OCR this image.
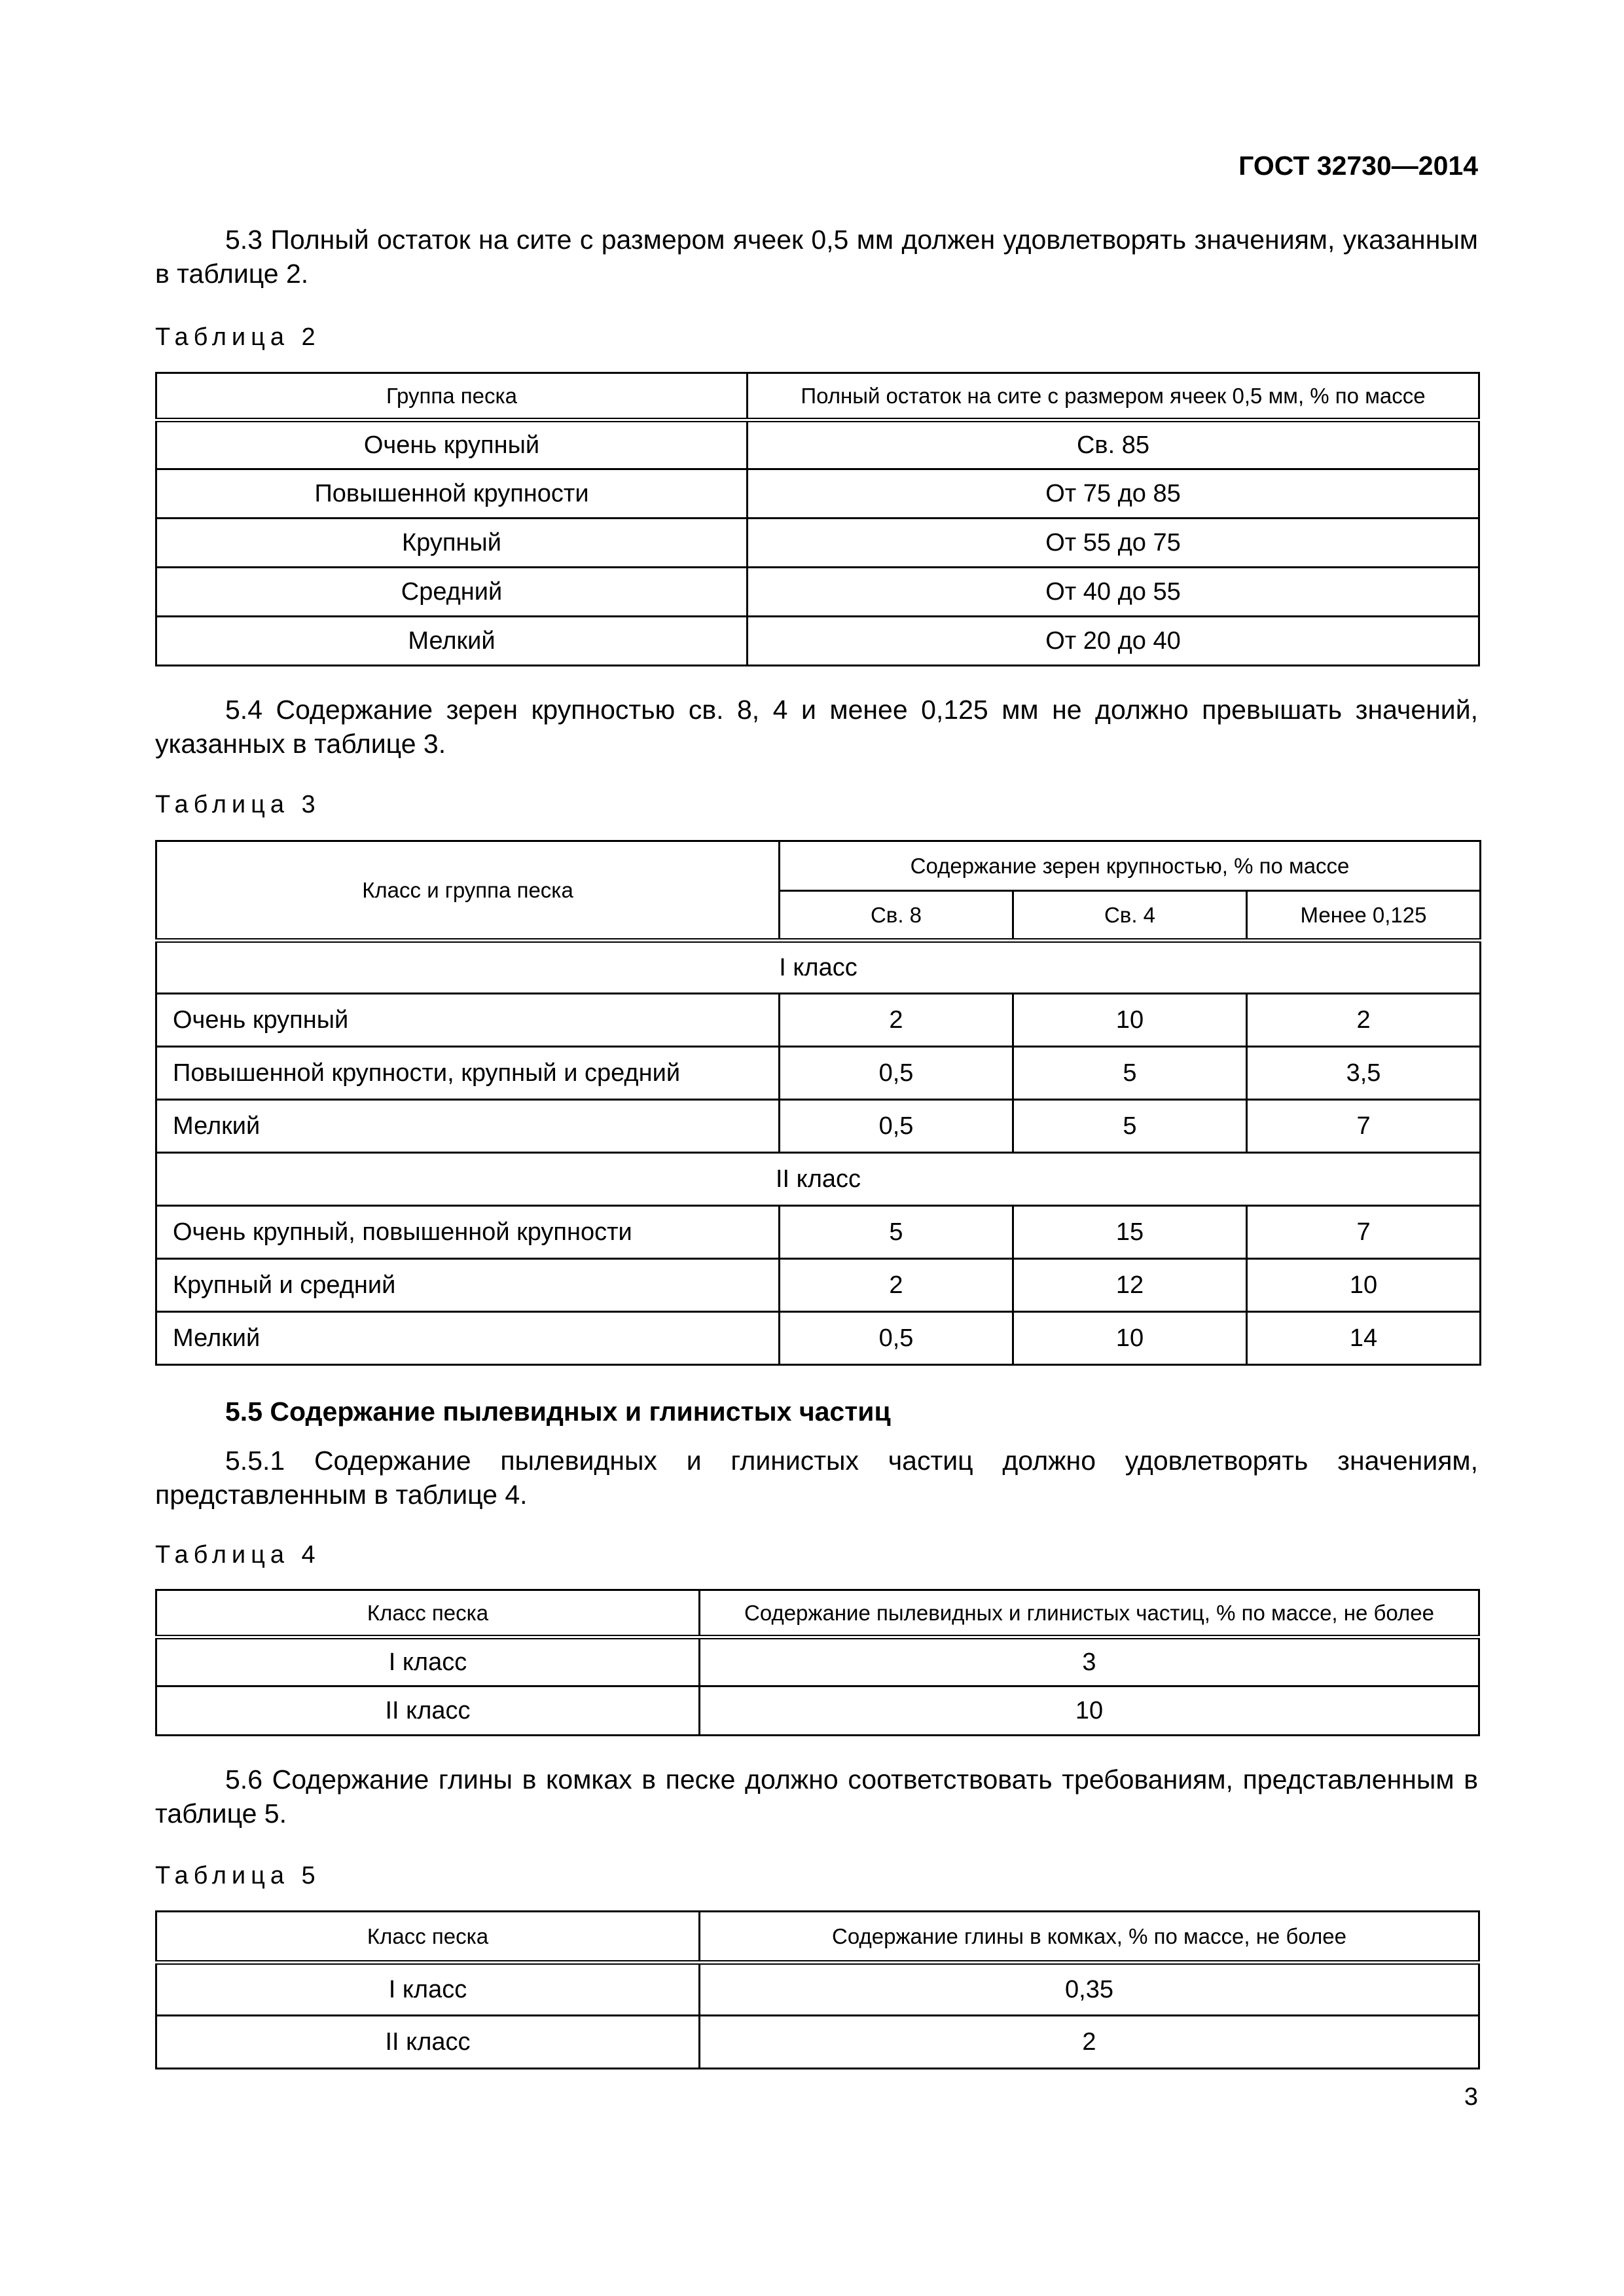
ГОСТ 32730—2014
5.3 Полный остаток на сите с размером ячеек 0,5 мм должен удовлетворять значениям, указанным в таблице 2.
Таблица 2
Группа песка	Полный остаток на сите с размером ячеек 0,5 мм, % по массе
Очень крупный	Св. 85
Повышенной крупности	От 75 до 85
Крупный	От 55 до 75
Средний	От 40 до 55
Мелкий	От 20 до 40
5.4 Содержание зерен крупностью св. 8, 4 и менее 0,125 мм не должно превышать значений, указанных в таблице 3.
Таблица 3
Класс и группа песка	Содержание зерен крупностью, % по массе		
	Св. 8	Св. 4	Менее 0,125
I класс			
Очень крупный	2	10	2
Повышенной крупности, крупный и средний	0,5	5	3,5
Мелкий	0,5	5	7
II класс			
Очень крупный, повышенной крупности	5	15	7
Крупный и средний	2	12	10
Мелкий	0,5	10	14
5.5 Содержание пылевидных и глинистых частиц
5.5.1 Содержание пылевидных и глинистых частиц должно удовлетворять значениям, представленным в таблице 4.
Таблица 4
Класс песка	Содержание пылевидных и глинистых частиц, % по массе, не более
I класс	3
II класс	10
5.6 Содержание глины в комках в песке должно соответствовать требованиям, представленным в таблице 5.
Таблица 5
Класс песка	Содержание глины в комках, % по массе, не более
I класс	0,35
II класс	2
3
